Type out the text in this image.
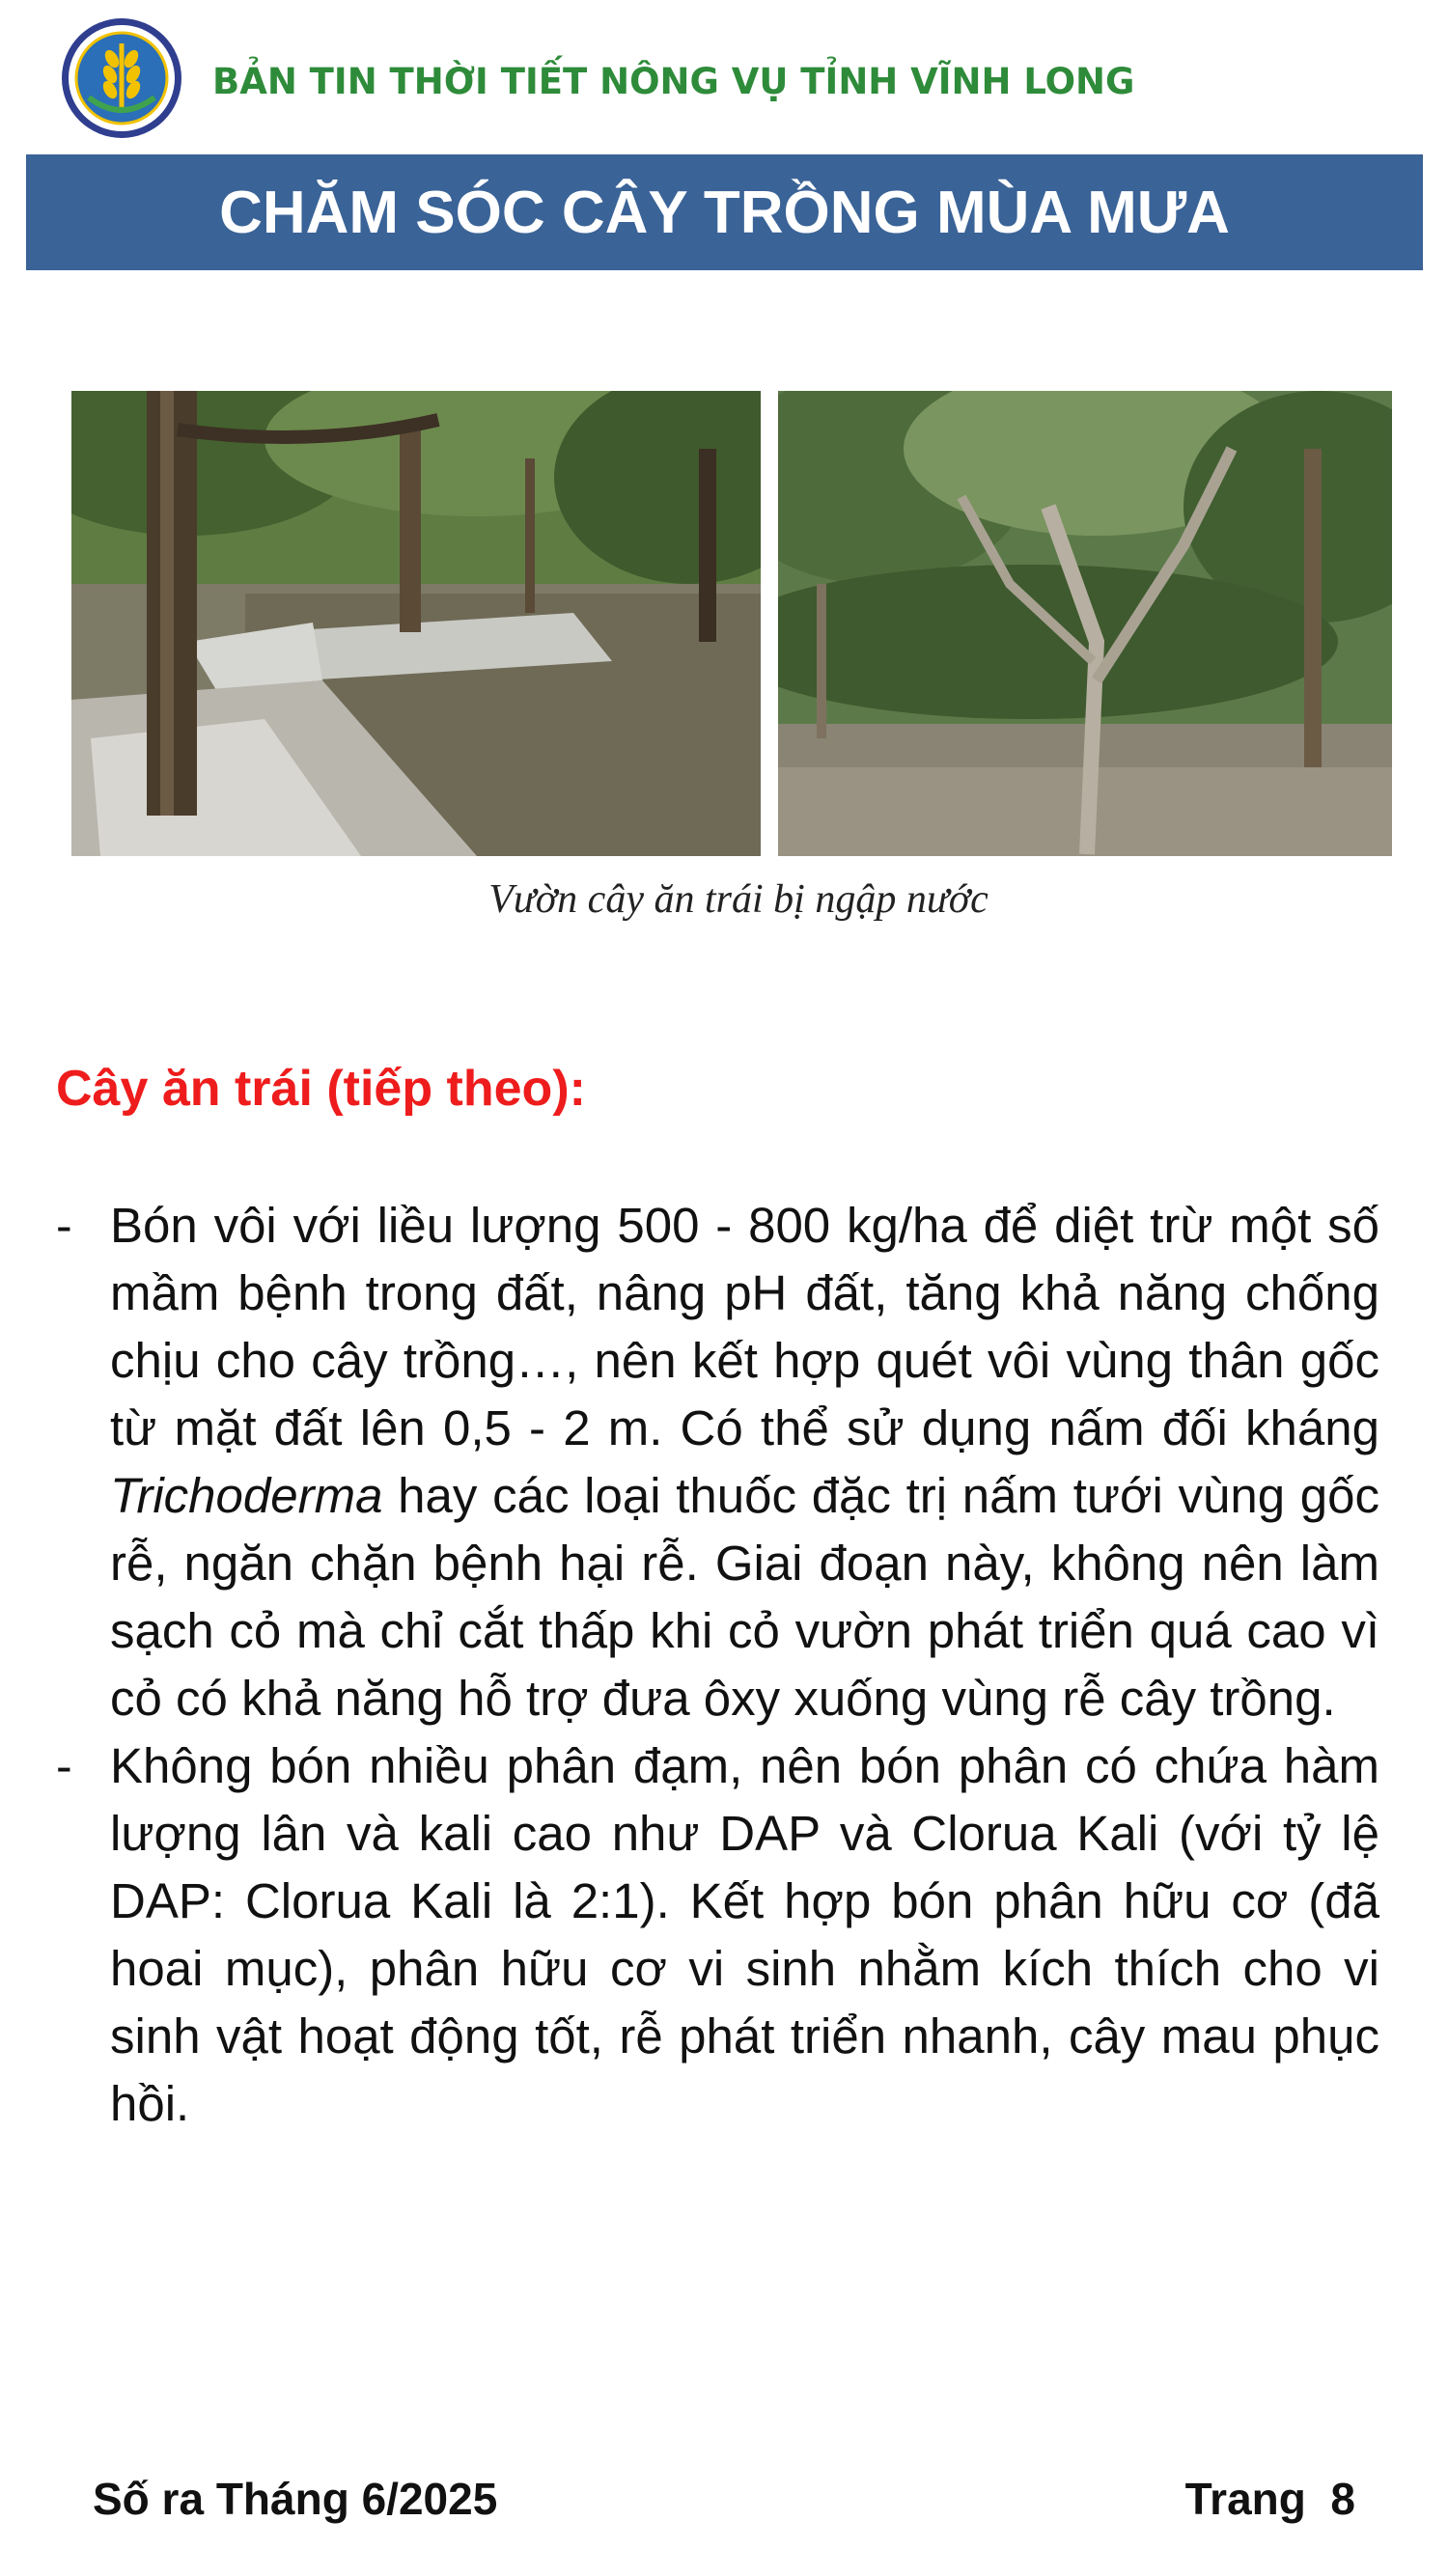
BẢN TIN THỜI TIẾT NÔNG VỤ TỈNH VĨNH LONG
CHĂM SÓC CÂY TRỒNG MÙA MƯA
Vườn cây ăn trái bị ngập nước
Cây ăn trái (tiếp theo):
- Bón vôi với liều lượng 500 - 800 kg/ha để diệt trừ một số mầm bệnh trong đất, nâng pH đất, tăng khả năng chống chịu cho cây trồng…, nên kết hợp quét vôi vùng thân gốc từ mặt đất lên 0,5 - 2 m. Có thể sử dụng nấm đối kháng Trichoderma hay các loại thuốc đặc trị nấm tưới vùng gốc rễ, ngăn chặn bệnh hại rễ. Giai đoạn này, không nên làm sạch cỏ mà chỉ cắt thấp khi cỏ vườn phát triển quá cao vì cỏ có khả năng hỗ trợ đưa ôxy xuống vùng rễ cây trồng.
- Không bón nhiều phân đạm, nên bón phân có chứa hàm lượng lân và kali cao như DAP và Clorua Kali (với tỷ lệ DAP: Clorua Kali là 2:1). Kết hợp bón phân hữu cơ (đã hoai mục), phân hữu cơ vi sinh nhằm kích thích cho vi sinh vật hoạt động tốt, rễ phát triển nhanh, cây mau phục hồi.
Số ra Tháng 6/2025	Trang  8
